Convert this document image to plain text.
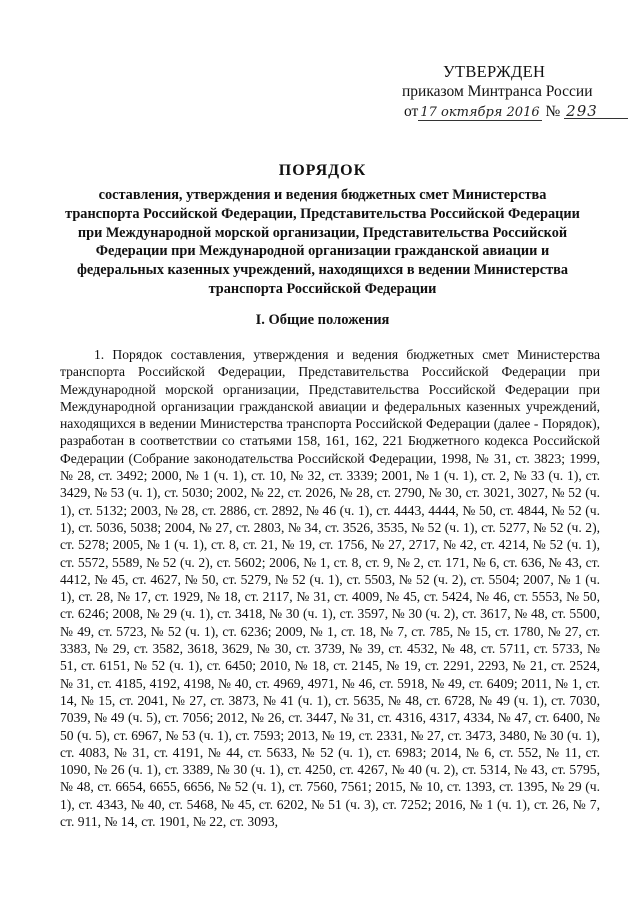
УТВЕРЖДЕН
приказом Минтранса России
от 17 октября 2016 № 293
ПОРЯДОК
составления, утверждения и ведения бюджетных смет Министерства транспорта Российской Федерации, Представительства Российской Федерации при Международной морской организации, Представительства Российской Федерации при Международной организации гражданской авиации и федеральных казенных учреждений, находящихся в ведении Министерства транспорта Российской Федерации
I. Общие положения

1. Порядок составления, утверждения и ведения бюджетных смет Министерства транспорта Российской Федерации, Представительства Российской Федерации при Международной морской организации, Представительства Российской Федерации при Международной организации гражданской авиации и федеральных казенных учреждений, находящихся в ведении Министерства транспорта Российской Федерации (далее - Порядок), разработан в соответствии со статьями 158, 161, 162, 221 Бюджетного кодекса Российской Федерации (Собрание законодательства Российской Федерации, 1998, № 31, ст. 3823; 1999, № 28, ст. 3492; 2000, № 1 (ч. 1), ст. 10, № 32, ст. 3339; 2001, № 1 (ч. 1), ст. 2, № 33 (ч. 1), ст. 3429, № 53 (ч. 1), ст. 5030; 2002, № 22, ст. 2026, № 28, ст. 2790, № 30, ст. 3021, 3027, № 52 (ч. 1), ст. 5132; 2003, № 28, ст. 2886, ст. 2892, № 46 (ч. 1), ст. 4443, 4444, № 50, ст. 4844, № 52 (ч. 1), ст. 5036, 5038; 2004, № 27, ст. 2803, № 34, ст. 3526, 3535, № 52 (ч. 1), ст. 5277, № 52 (ч. 2), ст. 5278; 2005, № 1 (ч. 1), ст. 8, ст. 21, № 19, ст. 1756, № 27, 2717, № 42, ст. 4214, № 52 (ч. 1), ст. 5572, 5589, № 52 (ч. 2), ст. 5602; 2006, № 1, ст. 8, ст. 9, № 2, ст. 171, № 6, ст. 636, № 43, ст. 4412, № 45, ст. 4627, № 50, ст. 5279, № 52 (ч. 1), ст. 5503, № 52 (ч. 2), ст. 5504; 2007, № 1 (ч. 1), ст. 28, № 17, ст. 1929, № 18, ст. 2117, № 31, ст. 4009, № 45, ст. 5424, № 46, ст. 5553, № 50, ст. 6246; 2008, № 29 (ч. 1), ст. 3418, № 30 (ч. 1), ст. 3597, № 30 (ч. 2), ст. 3617, № 48, ст. 5500, № 49, ст. 5723, № 52 (ч. 1), ст. 6236; 2009, № 1, ст. 18, № 7, ст. 785, № 15, ст. 1780, № 27, ст. 3383, № 29, ст. 3582, 3618, 3629, № 30, ст. 3739, № 39, ст. 4532, № 48, ст. 5711, ст. 5733, № 51, ст. 6151, № 52 (ч. 1), ст. 6450; 2010, № 18, ст. 2145, № 19, ст. 2291, 2293, № 21, ст. 2524, № 31, ст. 4185, 4192, 4198, № 40, ст. 4969, 4971, № 46, ст. 5918, № 49, ст. 6409; 2011, № 1, ст. 14, № 15, ст. 2041, № 27, ст. 3873, № 41 (ч. 1), ст. 5635, № 48, ст. 6728, № 49 (ч. 1), ст. 7030, 7039, № 49 (ч. 5), ст. 7056; 2012, № 26, ст. 3447, № 31, ст. 4316, 4317, 4334, № 47, ст. 6400, № 50 (ч. 5), ст. 6967, № 53 (ч. 1), ст. 7593; 2013, № 19, ст. 2331, № 27, ст. 3473, 3480, № 30 (ч. 1), ст. 4083, № 31, ст. 4191, № 44, ст. 5633, № 52 (ч. 1), ст. 6983; 2014, № 6, ст. 552, № 11, ст. 1090, № 26 (ч. 1), ст. 3389, № 30 (ч. 1), ст. 4250, ст. 4267, № 40 (ч. 2), ст. 5314, № 43, ст. 5795, № 48, ст. 6654, 6655, 6656, № 52 (ч. 1), ст. 7560, 7561; 2015, № 10, ст. 1393, ст. 1395, № 29 (ч. 1), ст. 4343, № 40, ст. 5468, № 45, ст. 6202, № 51 (ч. 3), ст. 7252; 2016, № 1 (ч. 1), ст. 26, № 7, ст. 911, № 14, ст. 1901, № 22, ст. 3093,
